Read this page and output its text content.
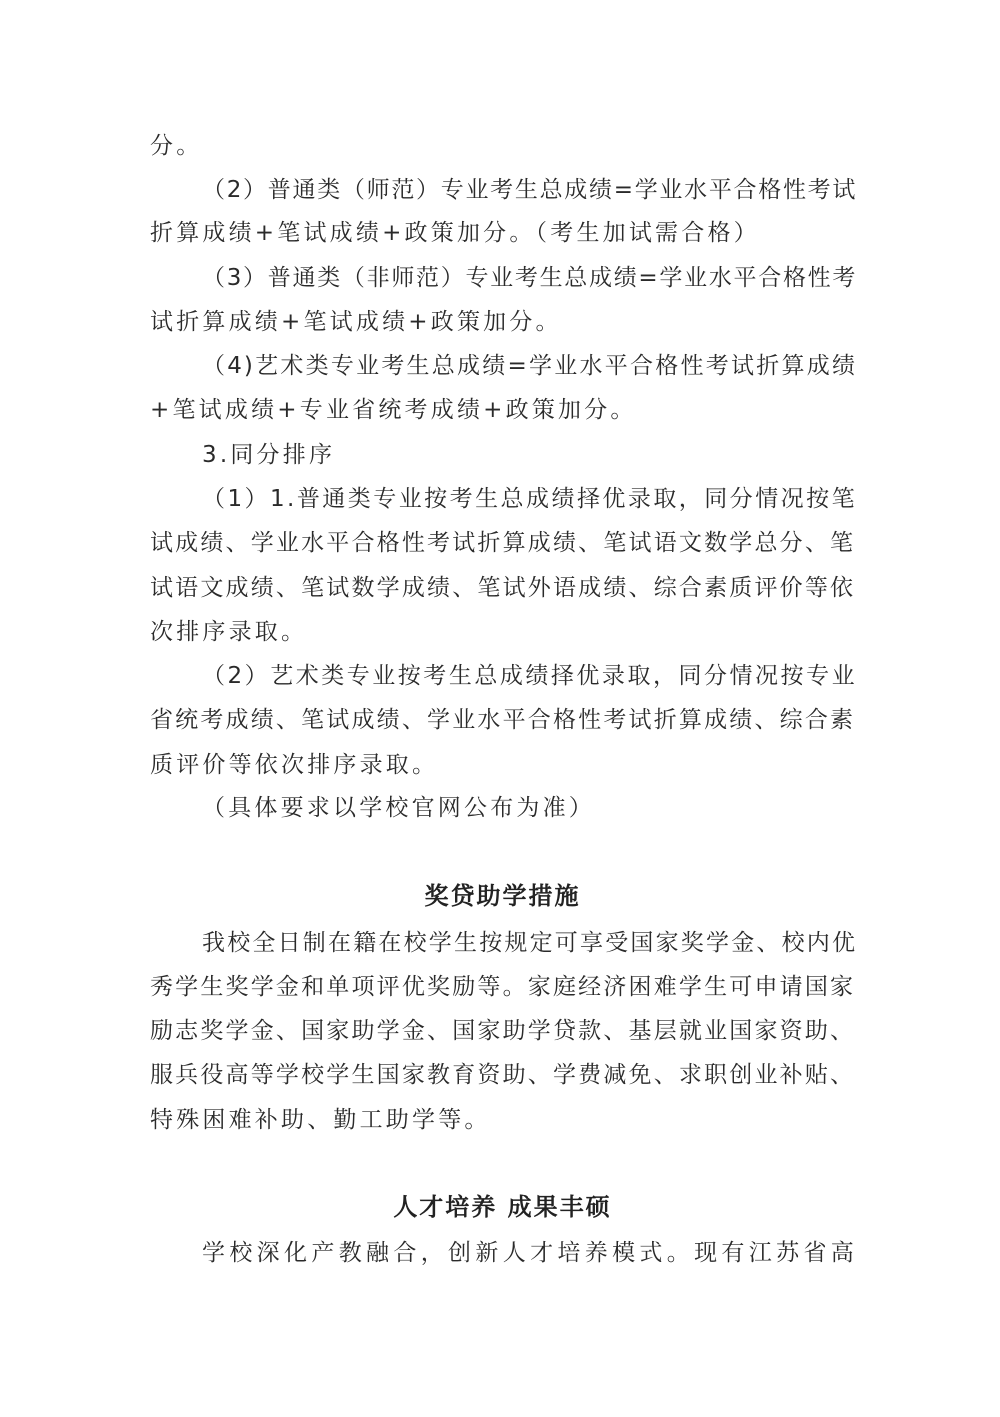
分。
（2）普通类（师范）专业考生总成绩=学业水平合格性考试
折算成绩+笔试成绩+政策加分。（考生加试需合格）
（3）普通类（非师范）专业考生总成绩=学业水平合格性考
试折算成绩+笔试成绩+政策加分。
（4)艺术类专业考生总成绩=学业水平合格性考试折算成绩
+笔试成绩+专业省统考成绩+政策加分。
3.同分排序
（1）1.普通类专业按考生总成绩择优录取，同分情况按笔
试成绩、学业水平合格性考试折算成绩、笔试语文数学总分、笔
试语文成绩、笔试数学成绩、笔试外语成绩、综合素质评价等依
次排序录取。
（2）艺术类专业按考生总成绩择优录取，同分情况按专业
省统考成绩、笔试成绩、学业水平合格性考试折算成绩、综合素
质评价等依次排序录取。
（具体要求以学校官网公布为准）
奖贷助学措施
我校全日制在籍在校学生按规定可享受国家奖学金、校内优
秀学生奖学金和单项评优奖励等。家庭经济困难学生可申请国家
励志奖学金、国家助学金、国家助学贷款、基层就业国家资助、
服兵役高等学校学生国家教育资助、学费减免、求职创业补贴、
特殊困难补助、勤工助学等。
人才培养 成果丰硕
学校深化产教融合，创新人才培养模式。现有江苏省高
